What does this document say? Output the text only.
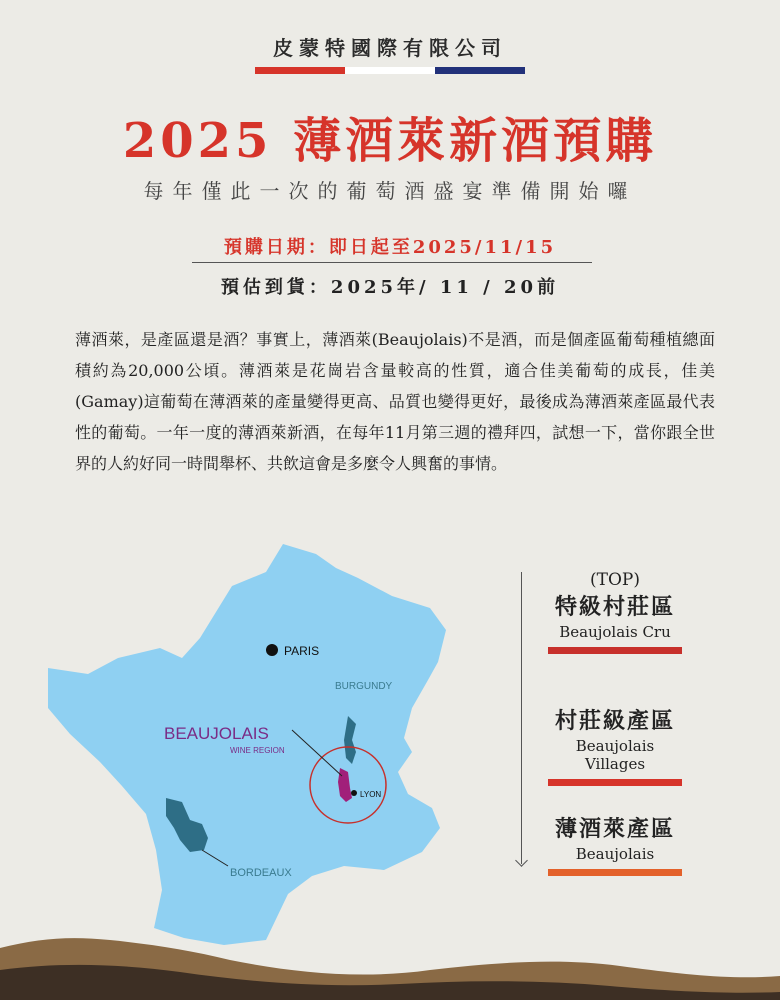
皮蒙特國際有限公司
2025 薄酒萊新酒預購
每年僅此一次的葡萄酒盛宴準備開始囉
預購日期：即日起至2025/11/15
預估到貨：2025年/ 11 / 20前
薄酒萊，是產區還是酒？事實上，薄酒萊(Beaujolais)不是酒，而是個產區葡萄種植總面積約為20,000公頃。薄酒萊是花崗岩含量較高的性質，適合佳美葡萄的成長，佳美(Gamay)這葡萄在薄酒萊的產量變得更高、品質也變得更好，最後成為薄酒萊產區最代表性的葡萄。一年一度的薄酒萊新酒，在每年11月第三週的禮拜四，試想一下，當你跟全世界的人約好同一時間舉杯、共飲這會是多麼令人興奮的事情。
PARIS
BURGUNDY
BEAUJOLAIS
WINE REGION
LYON
BORDEAUX
(TOP)
特級村莊區
Beaujolais Cru
村莊級產區
Beaujolais Villages
薄酒萊產區
Beaujolais
